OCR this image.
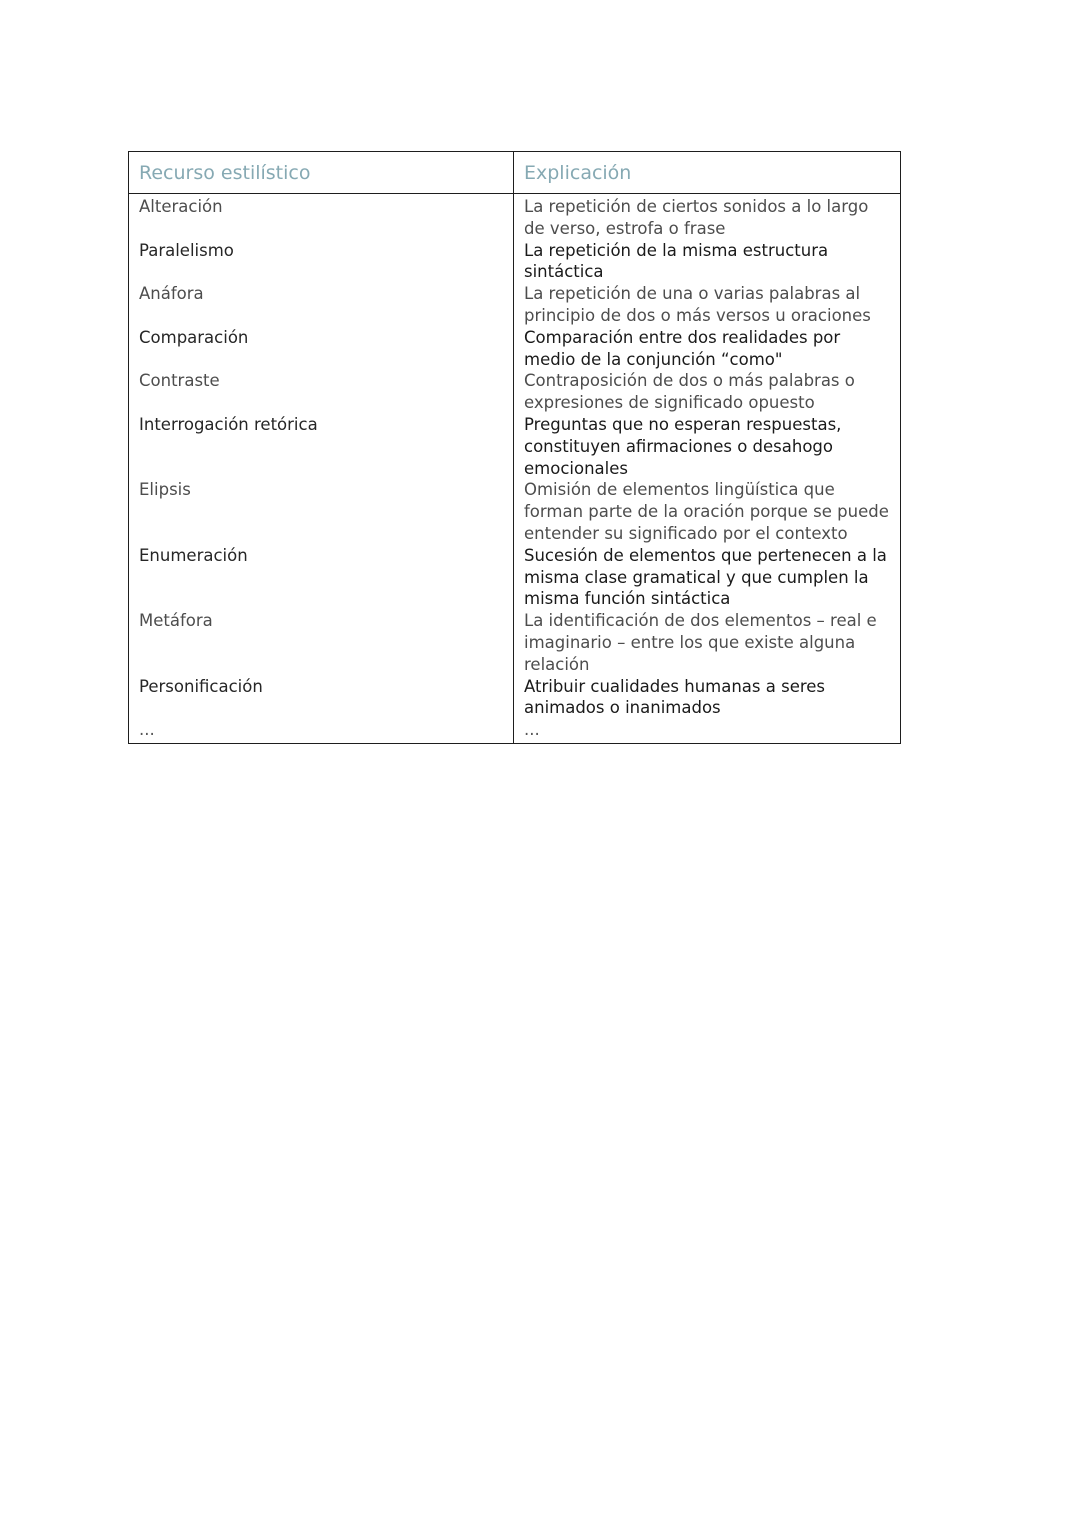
Recurso estilístico	Explicación
Alteración	La repetición de ciertos sonidos a lo largo de verso, estrofa o frase
Paralelismo	La repetición de la misma estructura sintáctica
Anáfora	La repetición de una o varias palabras al principio de dos o más versos u oraciones
Comparación	Comparación entre dos realidades por medio de la conjunción “como"
Contraste	Contraposición de dos o más palabras o expresiones de significado opuesto
Interrogación retórica	Preguntas que no esperan respuestas, constituyen afirmaciones o desahogo emocionales
Elipsis	Omisión de elementos lingüística que forman parte de la oración porque se puede entender su significado por el contexto
Enumeración	Sucesión de elementos que pertenecen a la misma clase gramatical y que cumplen la misma función sintáctica
Metáfora	La identificación de dos elementos – real e imaginario – entre los que existe alguna relación
Personificación	Atribuir cualidades humanas a seres animados o inanimados
...	...
